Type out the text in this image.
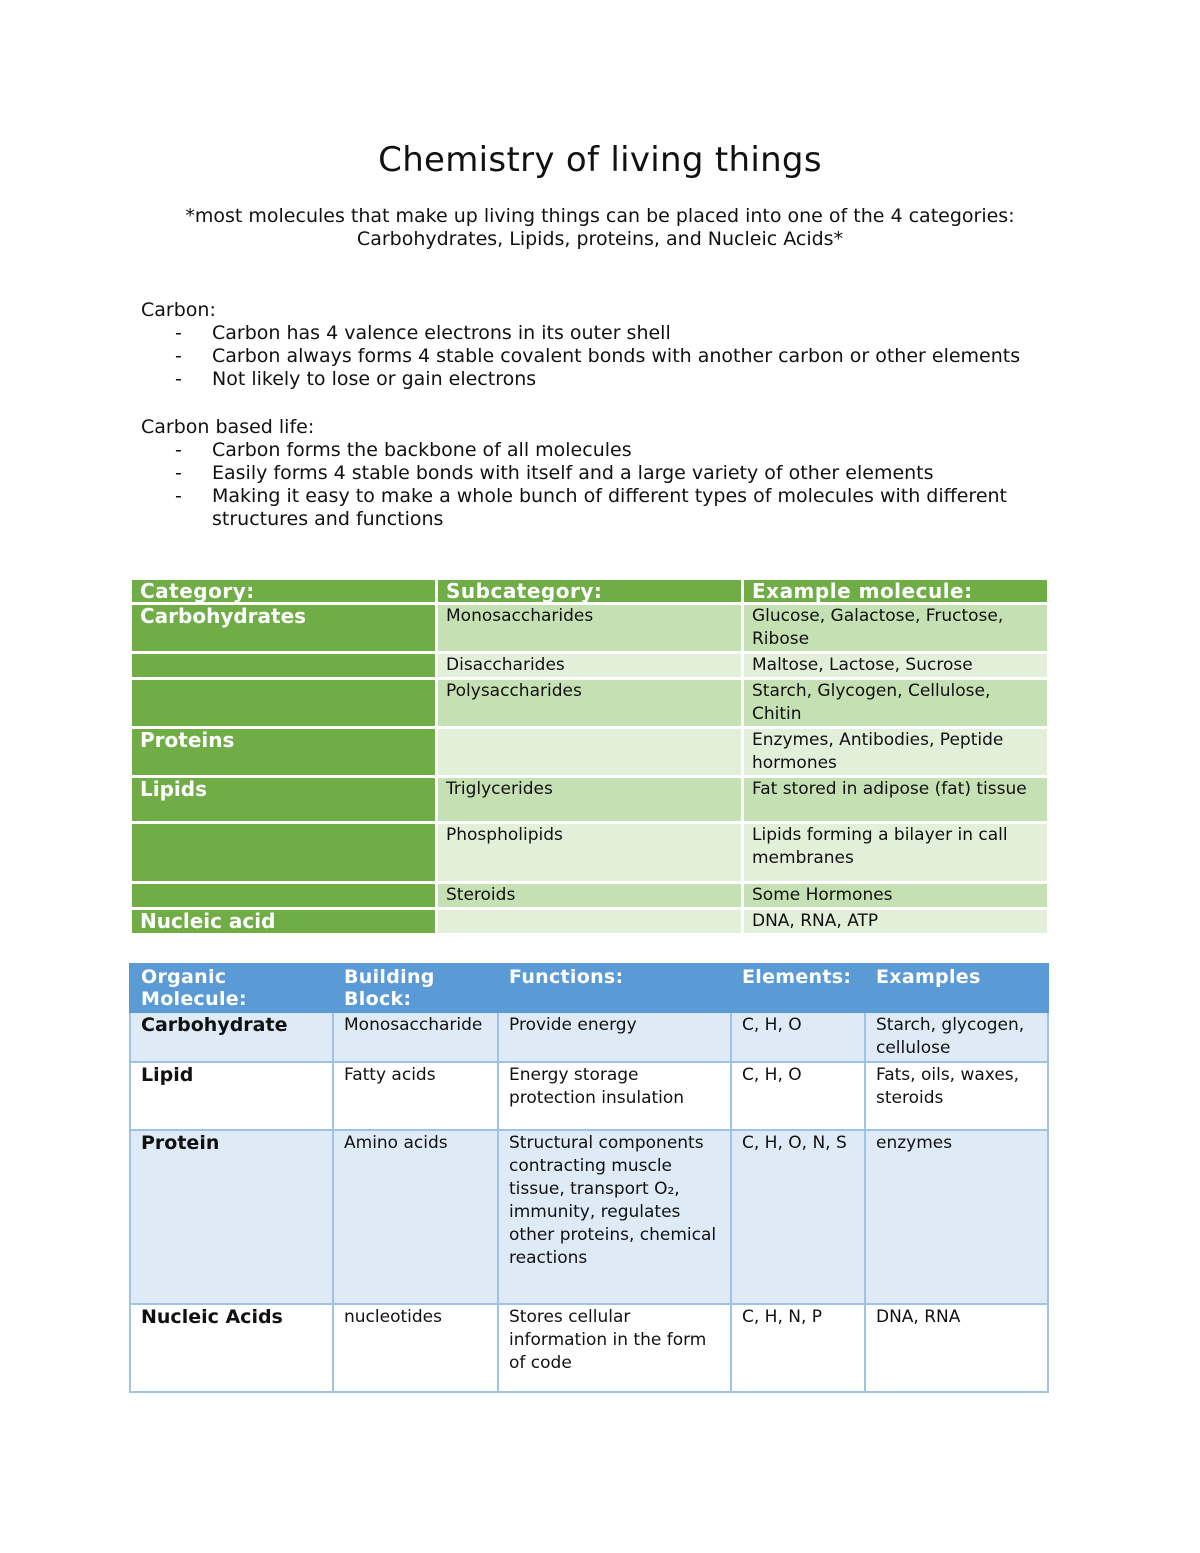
Chemistry of living things
*most molecules that make up living things can be placed into one of the 4 categories:
Carbohydrates, Lipids, proteins, and Nucleic Acids*

Carbon:

- Carbon has 4 valence electrons in its outer shell
- Carbon always forms 4 stable covalent bonds with another carbon or other elements
- Not likely to lose or gain electrons

Carbon based life:

- Carbon forms the backbone of all molecules
- Easily forms 4 stable bonds with itself and a large variety of other elements
- Making it easy to make a whole bunch of different types of molecules with different structures and functions
Category:	Subcategory:	Example molecule:
Carbohydrates	Monosaccharides	Glucose, Galactose, Fructose, Ribose
	Disaccharides	Maltose, Lactose, Sucrose
	Polysaccharides	Starch, Glycogen, Cellulose, Chitin
Proteins		Enzymes, Antibodies, Peptide hormones
Lipids	Triglycerides	Fat stored in adipose (fat) tissue
	Phospholipids	Lipids forming a bilayer in call membranes
	Steroids	Some Hormones
Nucleic acid		DNA, RNA, ATP
Organic Molecule:	Building Block:	Functions:	Elements:	Examples
Carbohydrate	Monosaccharide	Provide energy	C, H, O	Starch, glycogen, cellulose
Lipid	Fatty acids	Energy storage protection insulation	C, H, O	Fats, oils, waxes, steroids
Protein	Amino acids	Structural components contracting muscle tissue, transport O₂, immunity, regulates other proteins, chemical reactions	C, H, O, N, S	enzymes
Nucleic Acids	nucleotides	Stores cellular information in the form of code	C, H, N, P	DNA, RNA
